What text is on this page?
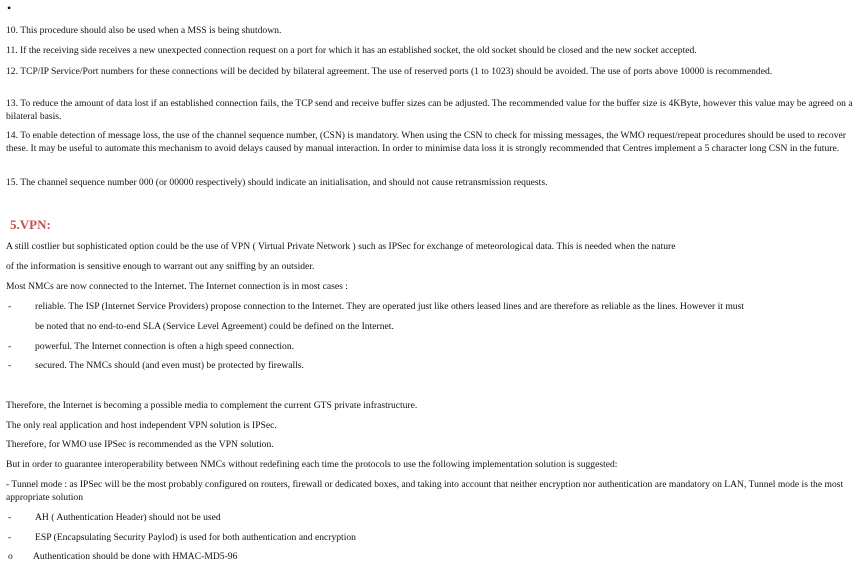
•
10. This procedure should also be used when a MSS is being shutdown.
11. If the receiving side receives a new unexpected connection request on a port for which it has an established socket, the old socket should be closed and the new socket accepted.
12. TCP/IP Service/Port numbers for these connections will be decided by bilateral agreement. The use of reserved ports (1 to 1023) should be avoided. The use of ports above 10000 is recommended.
13. To reduce the amount of data lost if an established connection fails, the TCP send and receive buffer sizes can be adjusted. The recommended value for the buffer size is 4KByte, however this value may be agreed on a bilateral basis.
14. To enable detection of message loss, the use of the channel sequence number, (CSN) is mandatory. When using the CSN to check for missing messages, the WMO request/repeat procedures should be used to recover these. It may be useful to automate this mechanism to avoid delays caused by manual interaction. In order to minimise data loss it is strongly recommended that Centres implement a 5 character long CSN in the future.
15. The channel sequence number 000 (or 00000 respectively) should indicate an initialisation, and should not cause retransmission requests.
5.VPN:
A still costlier but sophisticated option could be the use of VPN ( Virtual Private Network ) such as IPSec for exchange of meteorological data. This is needed when the nature
of the information is sensitive enough to warrant out any sniffing by an outsider.
Most NMCs are now connected to the Internet. The Internet connection is in most cases :
- reliable. The ISP (Internet Service Providers) propose connection to the Internet. They are operated just like others leased lines and are therefore as reliable as the lines. However it must
be noted that no end-to-end SLA (Service Level Agreement) could be defined on the Internet.
- powerful. The Internet connection is often a high speed connection.
- secured. The NMCs should (and even must) be protected by firewalls.
Therefore, the Internet is becoming a possible media to complement the current GTS private infrastructure.
The only real application and host independent VPN solution is IPSec.
Therefore, for WMO use IPSec is recommended as the VPN solution.
But in order to guarantee interoperability between NMCs without redefining each time the protocols to use the following implementation solution is suggested:
- Tunnel mode : as IPSec will be the most probably configured on routers, firewall or dedicated boxes, and taking into account that neither encryption nor authentication are mandatory on LAN, Tunnel mode is the most appropriate solution
- AH ( Authentication Header) should not be used
- ESP (Encapsulating Security Paylod) is used for both authentication and encryption
o Authentication should be done with HMAC-MD5-96
